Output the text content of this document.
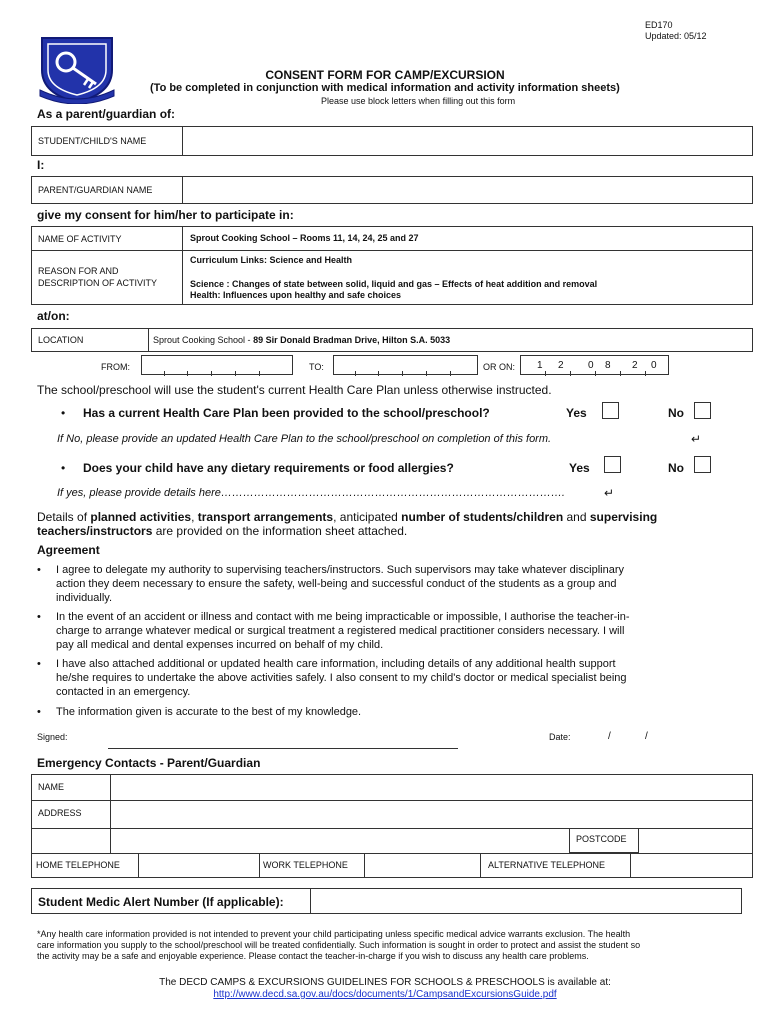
ED170
Updated: 05/12
CONSENT FORM FOR CAMP/EXCURSION
(To be completed in conjunction with medical information and activity information sheets)
Please use block letters when filling out this form
As a parent/guardian of:
STUDENT/CHILD'S NAME
I:
PARENT/GUARDIAN NAME
give my consent for him/her to participate in:
NAME OF ACTIVITY	Sprout Cooking School – Rooms 11, 14, 24, 25 and 27
REASON FOR AND
DESCRIPTION OF ACTIVITY
Curriculum Links: Science and Health
Science : Changes of state between solid, liquid and gas – Effects of heat addition and removal
Health: Influences upon healthy and safe choices
at/on:
LOCATION	Sprout Cooking School - 89 Sir Donald Bradman Drive, Hilton S.A. 5033
FROM:	TO:	OR ON: 1 2 0 8 2 0
The school/preschool will use the student's current Health Care Plan unless otherwise instructed.
• Has a current Health Care Plan been provided to the school/preschool?	Yes	No
If No, please provide an updated Health Care Plan to the school/preschool on completion of this form.	↵
• Does your child have any dietary requirements or food allergies?	Yes	No
If yes, please provide details here………………………………………………………………………………….	↵
Details of planned activities, transport arrangements, anticipated number of students/children and supervising
teachers/instructors are provided on the information sheet attached.
Agreement
• I agree to delegate my authority to supervising teachers/instructors. Such supervisors may take whatever disciplinary
action they deem necessary to ensure the safety, well-being and successful conduct of the students as a group and
individually.
• In the event of an accident or illness and contact with me being impracticable or impossible, I authorise the teacher-in-
charge to arrange whatever medical or surgical treatment a registered medical practitioner considers necessary. I will
pay all medical and dental expenses incurred on behalf of my child.
• I have also attached additional or updated health care information, including details of any additional health support
he/she requires to undertake the above activities safely. I also consent to my child's doctor or medical specialist being
contacted in an emergency.
• The information given is accurate to the best of my knowledge.
Signed:	Date:	/	/
Emergency Contacts - Parent/Guardian
NAME
ADDRESS
POSTCODE
HOME TELEPHONE	WORK TELEPHONE	ALTERNATIVE TELEPHONE
Student Medic Alert Number (If applicable):
*Any health care information provided is not intended to prevent your child participating unless specific medical advice warrants exclusion. The health
care information you supply to the school/preschool will be treated confidentially. Such information is sought in order to protect and assist the student so
the activity may be a safe and enjoyable experience. Please contact the teacher-in-charge if you wish to discuss any health care problems.
The DECD CAMPS & EXCURSIONS GUIDELINES FOR SCHOOLS & PRESCHOOLS is available at:
http://www.decd.sa.gov.au/docs/documents/1/CampsandExcursionsGuide.pdf
